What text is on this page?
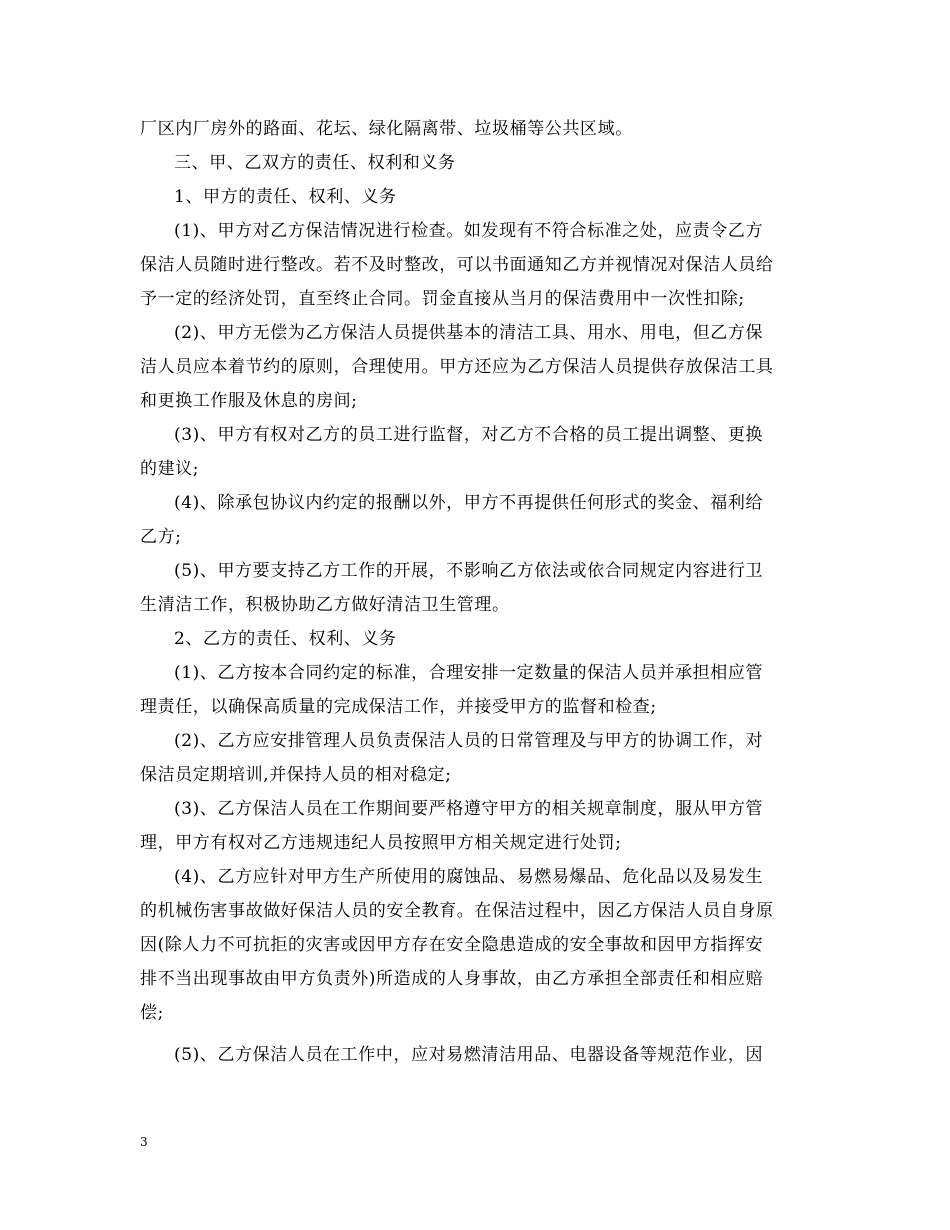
厂区内厂房外的路面、花坛、绿化隔离带、垃圾桶等公共区域。
三、甲、乙双方的责任、权利和义务
1、甲方的责任、权利、义务
(1)、甲方对乙方保洁情况进行检查。如发现有不符合标准之处，应责令乙方
保洁人员随时进行整改。若不及时整改，可以书面通知乙方并视情况对保洁人员给
予一定的经济处罚，直至终止合同。罚金直接从当月的保洁费用中一次性扣除;
(2)、甲方无偿为乙方保洁人员提供基本的清洁工具、用水、用电，但乙方保
洁人员应本着节约的原则，合理使用。甲方还应为乙方保洁人员提供存放保洁工具
和更换工作服及休息的房间;
(3)、甲方有权对乙方的员工进行监督，对乙方不合格的员工提出调整、更换
的建议;
(4)、除承包协议内约定的报酬以外，甲方不再提供任何形式的奖金、福利给
乙方;
(5)、甲方要支持乙方工作的开展，不影响乙方依法或依合同规定内容进行卫
生清洁工作，积极协助乙方做好清洁卫生管理。
2、乙方的责任、权利、义务
(1)、乙方按本合同约定的标准，合理安排一定数量的保洁人员并承担相应管
理责任，以确保高质量的完成保洁工作，并接受甲方的监督和检查;
(2)、乙方应安排管理人员负责保洁人员的日常管理及与甲方的协调工作，对
保洁员定期培训,并保持人员的相对稳定;
(3)、乙方保洁人员在工作期间要严格遵守甲方的相关规章制度，服从甲方管
理，甲方有权对乙方违规违纪人员按照甲方相关规定进行处罚;
(4)、乙方应针对甲方生产所使用的腐蚀品、易燃易爆品、危化品以及易发生
的机械伤害事故做好保洁人员的安全教育。在保洁过程中，因乙方保洁人员自身原
因(除人力不可抗拒的灾害或因甲方存在安全隐患造成的安全事故和因甲方指挥安
排不当出现事故由甲方负责外)所造成的人身事故，由乙方承担全部责任和相应赔
偿;
(5)、乙方保洁人员在工作中，应对易燃清洁用品、电器设备等规范作业，因
3
